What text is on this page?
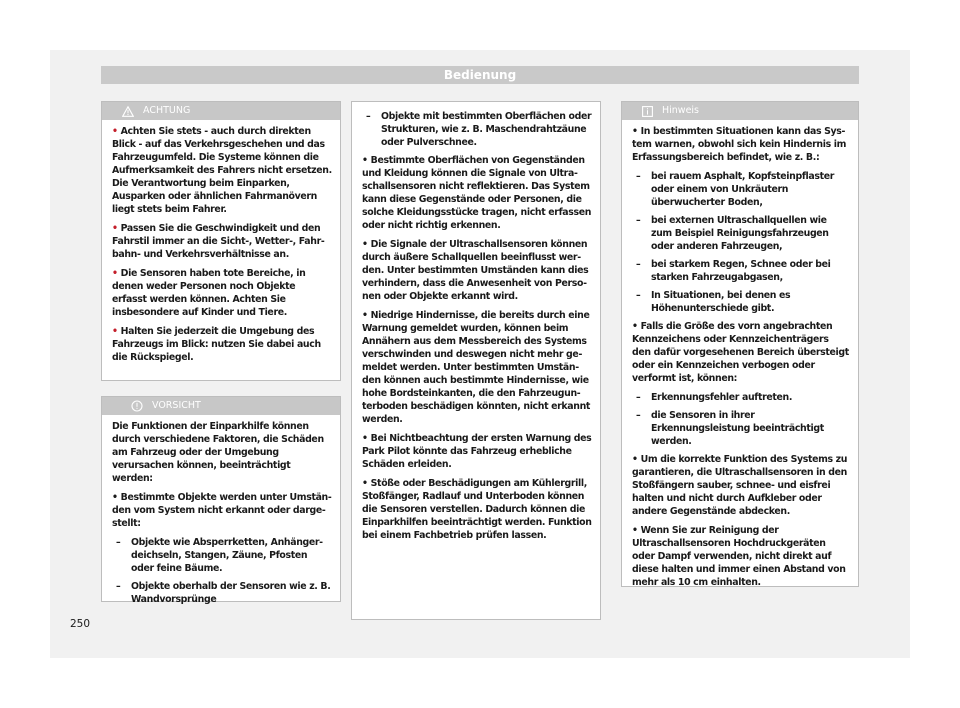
Bedienung
ACHTUNG
• Achten Sie stets - auch durch direkten Blick - auf das Verkehrsgeschehen und das Fahrzeugumfeld. Die Systeme können die Aufmerksamkeit des Fahrers nicht ersetzen. Die Verantwortung beim Einparken, Ausparken oder ähnlichen Fahrmanövern liegt stets beim Fahrer.
• Passen Sie die Geschwindigkeit und den Fahrstil immer an die Sicht-, Wetter-, Fahrbahn- und Verkehrsverhältnisse an.
• Die Sensoren haben tote Bereiche, in denen weder Personen noch Objekte erfasst werden können. Achten Sie insbesondere auf Kinder und Tiere.
• Halten Sie jederzeit die Umgebung des Fahrzeugs im Blick: nutzen Sie dabei auch die Rückspiegel.
VORSICHT

Die Funktionen der Einparkhilfe können durch verschiedene Faktoren, die Schäden am Fahrzeug oder der Umgebung verursachen können, beeinträchtigt werden:

• Bestimmte Objekte werden unter Umständen vom System nicht erkannt oder dargestellt:
– Objekte wie Absperrketten, Anhängerdeichseln, Stangen, Zäune, Pfosten oder feine Bäume.
– Objekte oberhalb der Sensoren wie z. B. Wandvorsprünge
– Objekte mit bestimmten Oberflächen oder Strukturen, wie z. B. Maschendrahtzäune oder Pulverschnee.
• Bestimmte Oberflächen von Gegenständen und Kleidung können die Signale von Ultraschallsensoren nicht reflektieren. Das System kann diese Gegenstände oder Personen, die solche Kleidungsstücke tragen, nicht erfassen oder nicht richtig erkennen.
• Die Signale der Ultraschallsensoren können durch äußere Schallquellen beeinflusst werden. Unter bestimmten Umständen kann dies verhindern, dass die Anwesenheit von Personen oder Objekte erkannt wird.
• Niedrige Hindernisse, die bereits durch eine Warnung gemeldet wurden, können beim Annähern aus dem Messbereich des Systems verschwinden und deswegen nicht mehr gemeldet werden. Unter bestimmten Umständen können auch bestimmte Hindernisse, wie hohe Bordsteinkanten, die den Fahrzeugunterboden beschädigen könnten, nicht erkannt werden.
• Bei Nichtbeachtung der ersten Warnung des Park Pilot könnte das Fahrzeug erhebliche Schäden erleiden.
• Stöße oder Beschädigungen am Kühlergrill, Stoßfänger, Radlauf und Unterboden können die Sensoren verstellen. Dadurch können die Einparkhilfen beeinträchtigt werden. Funktion bei einem Fachbetrieb prüfen lassen.
Hinweis
• In bestimmten Situationen kann das System warnen, obwohl sich kein Hindernis im Erfassungsbereich befindet, wie z. B.:
– bei rauem Asphalt, Kopfsteinpflaster oder einem von Unkräutern überwucherter Boden,
– bei externen Ultraschallquellen wie zum Beispiel Reinigungsfahrzeugen oder anderen Fahrzeugen,
– bei starkem Regen, Schnee oder bei starken Fahrzeugabgasen,
– In Situationen, bei denen es Höhenunterschiede gibt.
• Falls die Größe des vorn angebrachten Kennzeichens oder Kennzeichenträgers den dafür vorgesehenen Bereich übersteigt oder ein Kennzeichen verbogen oder verformt ist, können:
– Erkennungsfehler auftreten.
– die Sensoren in ihrer Erkennungsleistung beeinträchtigt werden.
• Um die korrekte Funktion des Systems zu garantieren, die Ultraschallsensoren in den Stoßfängern sauber, schnee- und eisfrei halten und nicht durch Aufkleber oder andere Gegenstände abdecken.
• Wenn Sie zur Reinigung der Ultraschallsensoren Hochdruckgeräten oder Dampf verwenden, nicht direkt auf diese halten und immer einen Abstand von mehr als 10 cm einhalten.
250
